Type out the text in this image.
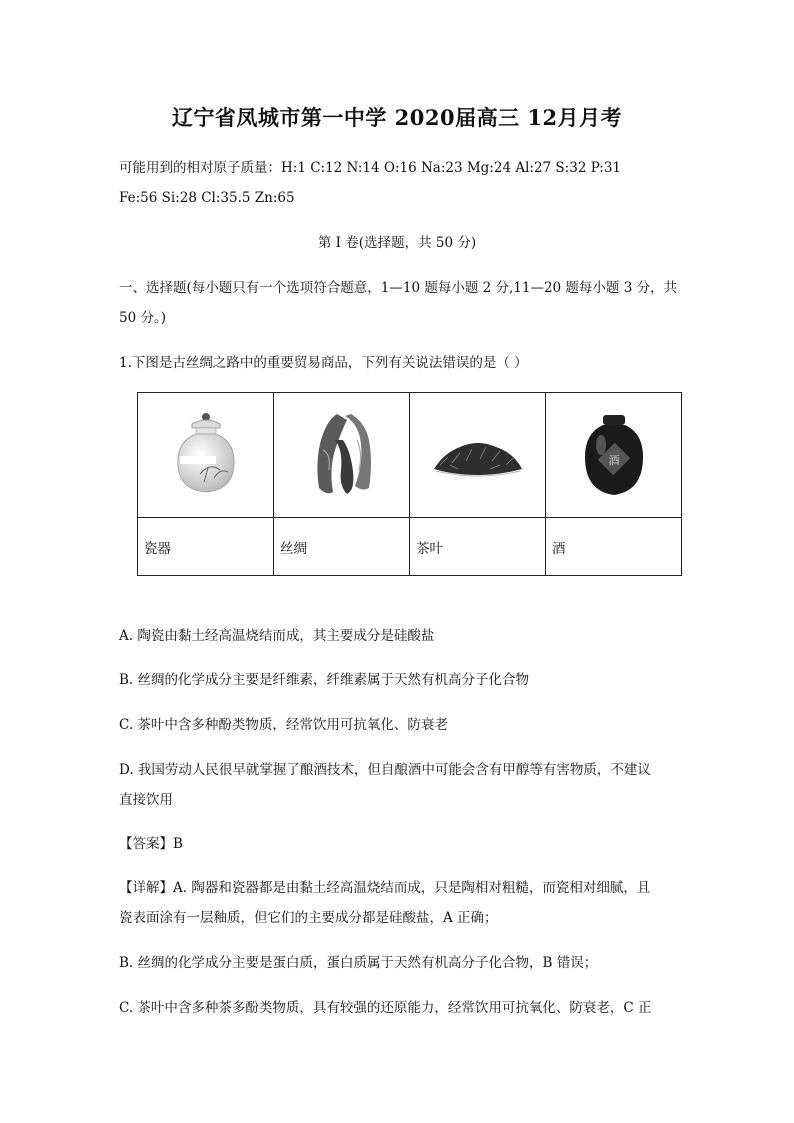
辽宁省凤城市第一中学 2020届高三 12月月考
可能用到的相对原子质量：H:1 C:12 N:14 O:16 Na:23 Mg:24 Al:27 S:32 P:31
Fe:56 Si:28 Cl:35.5 Zn:65
第 I 卷(选择题，共 50 分)
一、选择题(每小题只有一个选项符合题意，1—10 题每小题 2 分,11—20 题每小题 3 分，共
50 分。)
1.下图是古丝绸之路中的重要贸易商品，下列有关说法错误的是（ ）

酒

瓷器	丝绸	茶叶	酒
A. 陶瓷由黏土经高温烧结而成，其主要成分是硅酸盐
B. 丝绸的化学成分主要是纤维素，纤维素属于天然有机高分子化合物
C. 茶叶中含多种酚类物质，经常饮用可抗氧化、防衰老
D. 我国劳动人民很早就掌握了酿酒技术，但自酿酒中可能会含有甲醇等有害物质，不建议
直接饮用
【答案】B
【详解】A. 陶器和瓷器都是由黏土经高温烧结而成，只是陶相对粗糙，而瓷相对细腻，且
瓷表面涂有一层釉质，但它们的主要成分都是硅酸盐，A 正确；
B. 丝绸的化学成分主要是蛋白质，蛋白质属于天然有机高分子化合物，B 错误；
C. 茶叶中含多种茶多酚类物质，具有较强的还原能力，经常饮用可抗氧化、防衰老，C 正
